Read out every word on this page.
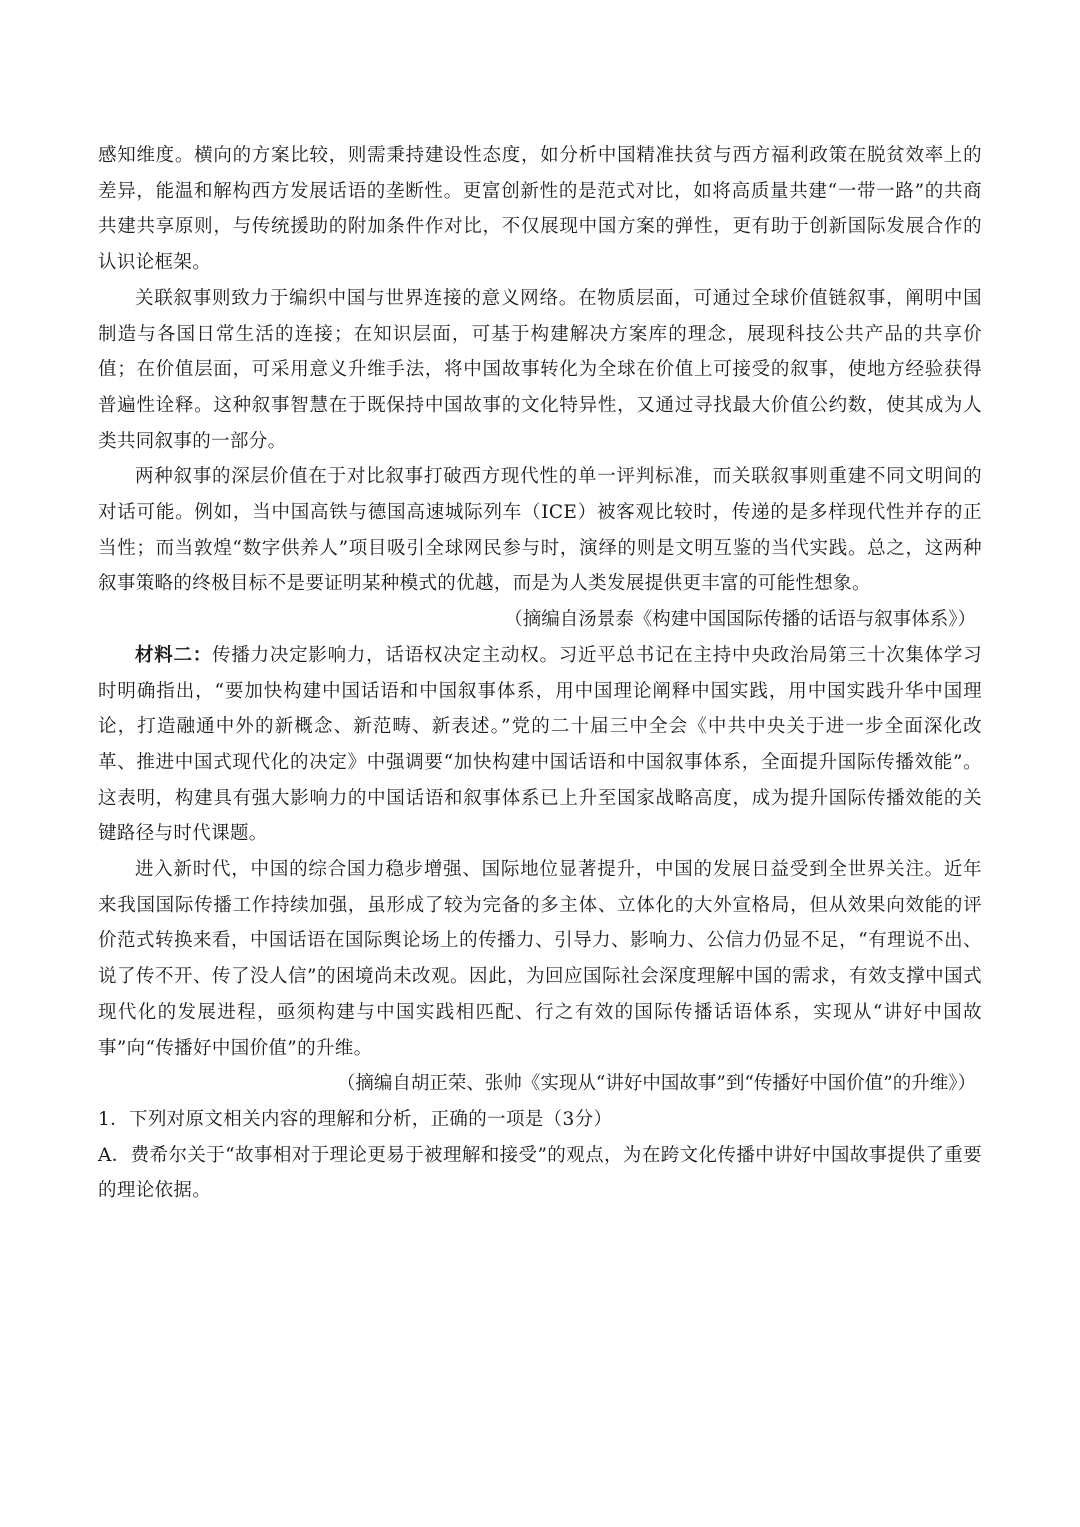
感知维度。横向的方案比较，则需秉持建设性态度，如分析中国精准扶贫与西方福利政策在脱贫效率上的差异，能温和解构西方发展话语的垄断性。更富创新性的是范式对比，如将高质量共建“一带一路”的共商共建共享原则，与传统援助的附加条件作对比，不仅展现中国方案的弹性，更有助于创新国际发展合作的认识论框架。

关联叙事则致力于编织中国与世界连接的意义网络。在物质层面，可通过全球价值链叙事，阐明中国制造与各国日常生活的连接；在知识层面，可基于构建解决方案库的理念，展现科技公共产品的共享价值；在价值层面，可采用意义升维手法，将中国故事转化为全球在价值上可接受的叙事，使地方经验获得普遍性诠释。这种叙事智慧在于既保持中国故事的文化特异性，又通过寻找最大价值公约数，使其成为人类共同叙事的一部分。

两种叙事的深层价值在于对比叙事打破西方现代性的单一评判标准，而关联叙事则重建不同文明间的对话可能。例如，当中国高铁与德国高速城际列车（ICE）被客观比较时，传递的是多样现代性并存的正当性；而当敦煌“数字供养人”项目吸引全球网民参与时，演绎的则是文明互鉴的当代实践。总之，这两种叙事策略的终极目标不是要证明某种模式的优越，而是为人类发展提供更丰富的可能性想象。

（摘编自汤景泰《构建中国国际传播的话语与叙事体系》）

材料二：传播力决定影响力，话语权决定主动权。习近平总书记在主持中央政治局第三十次集体学习时明确指出，“要加快构建中国话语和中国叙事体系，用中国理论阐释中国实践，用中国实践升华中国理论，打造融通中外的新概念、新范畴、新表述。”党的二十届三中全会《中共中央关于进一步全面深化改革、推进中国式现代化的决定》中强调要“加快构建中国话语和中国叙事体系，全面提升国际传播效能”。这表明，构建具有强大影响力的中国话语和叙事体系已上升至国家战略高度，成为提升国际传播效能的关键路径与时代课题。

进入新时代，中国的综合国力稳步增强、国际地位显著提升，中国的发展日益受到全世界关注。近年来我国国际传播工作持续加强，虽形成了较为完备的多主体、立体化的大外宣格局，但从效果向效能的评价范式转换来看，中国话语在国际舆论场上的传播力、引导力、影响力、公信力仍显不足，“有理说不出、说了传不开、传了没人信”的困境尚未改观。因此，为回应国际社会深度理解中国的需求，有效支撑中国式现代化的发展进程，亟须构建与中国实践相匹配、行之有效的国际传播话语体系，实现从“讲好中国故事”向“传播好中国价值”的升维。

（摘编自胡正荣、张帅《实现从“讲好中国故事”到“传播好中国价值”的升维》）

1．下列对原文相关内容的理解和分析，正确的一项是（3分）

A．费希尔关于“故事相对于理论更易于被理解和接受”的观点，为在跨文化传播中讲好中国故事提供了重要的理论依据。
